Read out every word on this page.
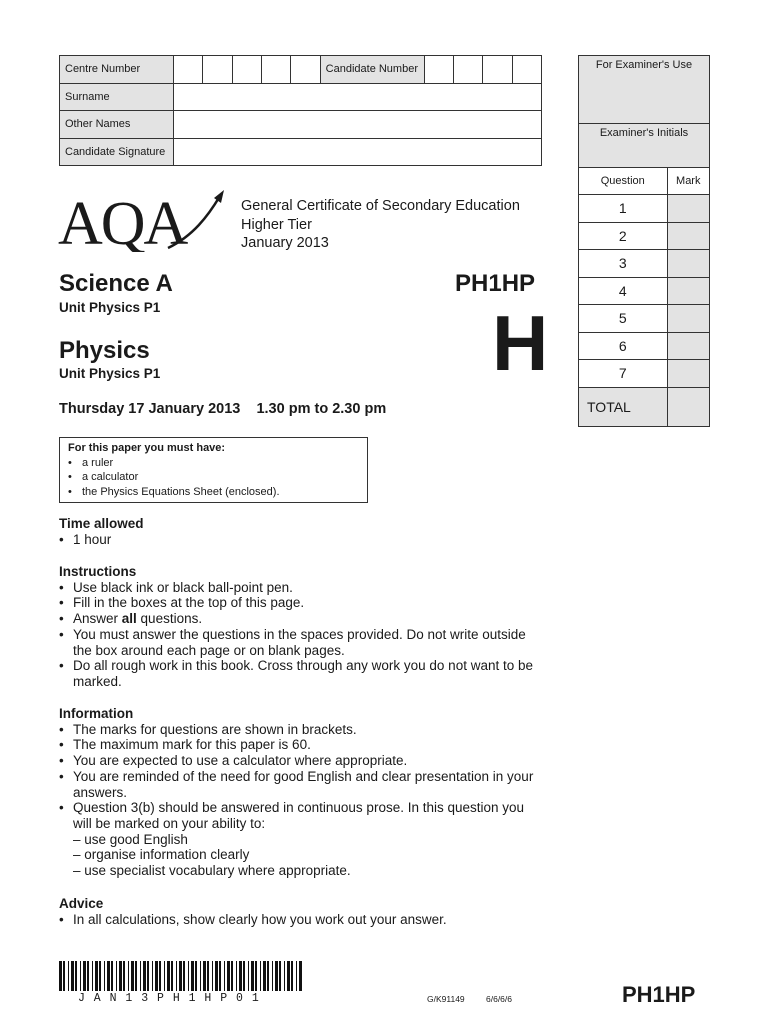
Centre Number						Candidate Number				
Surname										
Other Names										
Candidate Signature										
For Examiner's Use
Examiner's Initials
Question	Mark
1	
2	
3	
4	
5	
6	
7	
TOTAL	
AQA	General Certificate of Secondary Education
Higher Tier
January 2013
Science A
Unit Physics P1
Physics
Unit Physics P1
PH1HP
H
Thursday 17 January 2013    1.30 pm to 2.30 pm
For this paper you must have:
• a ruler
• a calculator
• the Physics Equations Sheet (enclosed).
Time allowed
• 1 hour
Instructions
• Use black ink or black ball-point pen.
• Fill in the boxes at the top of this page.
• Answer all questions.
• You must answer the questions in the spaces provided. Do not write outside the box around each page or on blank pages.
• Do all rough work in this book. Cross through any work you do not want to be marked.
Information
• The marks for questions are shown in brackets.
• The maximum mark for this paper is 60.
• You are expected to use a calculator where appropriate.
• You are reminded of the need for good English and clear presentation in your answers.
• Question 3(b) should be answered in continuous prose. In this question you will be marked on your ability to:
– use good English
– organise information clearly
– use specialist vocabulary where appropriate.
Advice
• In all calculations, show clearly how you work out your answer.
J A N 1 3 P H 1 H P 0 1	G/K91149	6/6/6/6	PH1HP
